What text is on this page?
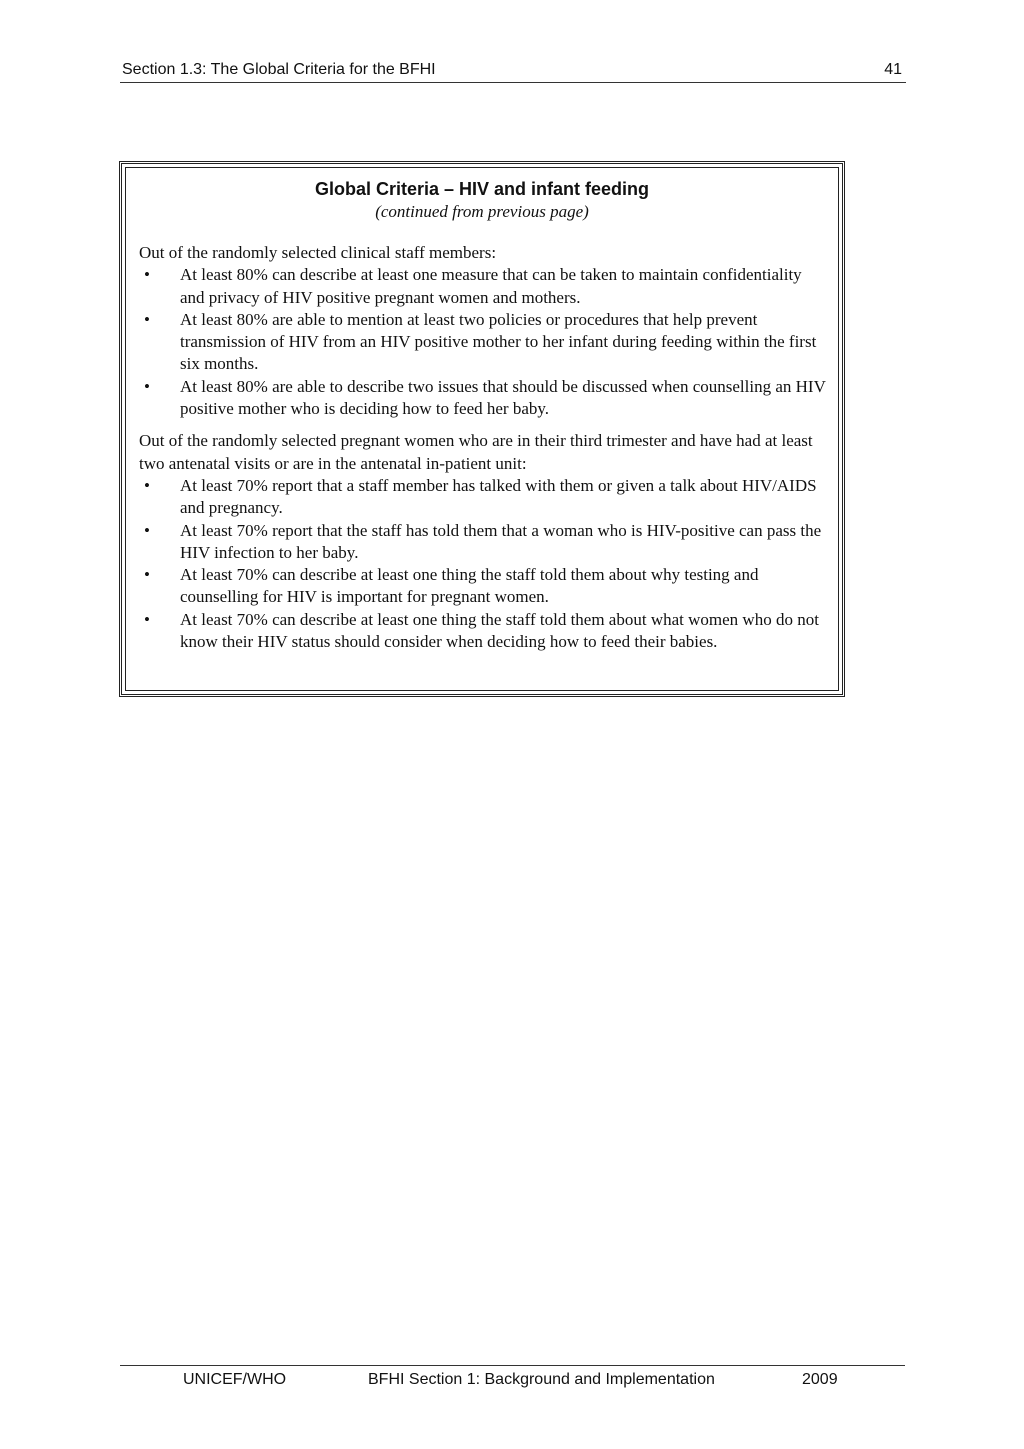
Section 1.3: The Global Criteria for the BFHI	41
Global Criteria – HIV and infant feeding
(continued from previous page)

Out of the randomly selected clinical staff members:

• At least 80% can describe at least one measure that can be taken to maintain confidentiality and privacy of HIV positive pregnant women and mothers.
• At least 80% are able to mention at least two policies or procedures that help prevent transmission of HIV from an HIV positive mother to her infant during feeding within the first six months.
• At least 80% are able to describe two issues that should be discussed when counselling an HIV positive mother who is deciding how to feed her baby.

Out of the randomly selected pregnant women who are in their third trimester and have had at least two antenatal visits or are in the antenatal in-patient unit:

• At least 70% report that a staff member has talked with them or given a talk about HIV/AIDS and pregnancy.
• At least 70% report that the staff has told them that a woman who is HIV-positive can pass the HIV infection to her baby.
• At least 70% can describe at least one thing the staff told them about why testing and counselling for HIV is important for pregnant women.
• At least 70% can describe at least one thing the staff told them about what women who do not know their HIV status should consider when deciding how to feed their babies.
UNICEF/WHO	BFHI Section 1: Background and Implementation	2009
